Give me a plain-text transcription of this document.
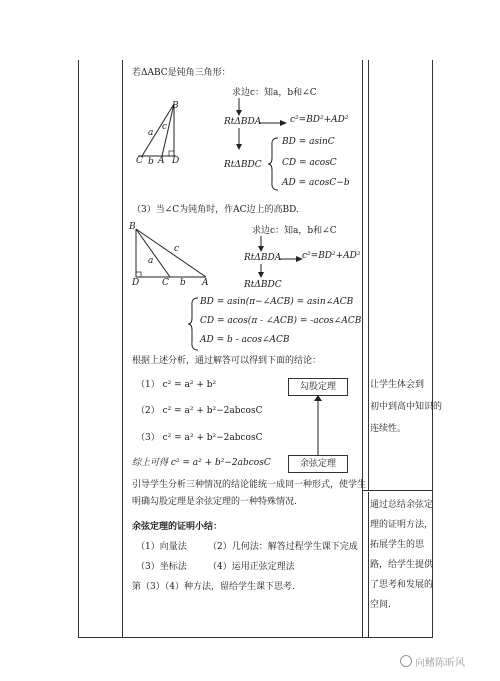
若ΔABC是钝角三角形：
B
a
c
C b A D
求边c：知a，b和∠C
RtΔBDA	c²=BD²+AD²
RtΔBDC
BD = asinC
CD = acosC
AD = acosC−b
（3）当∠C为钝角时，作AC边上的高BD.
B
c
a
D	C b A
求边c：知a，b和∠C
RtΔBDA c²=BD²+AD²
RtΔBDC
BD = asin(π−∠ACB) = asin∠ACB
CD = acos(π - ∠ACB) = -acos∠ACB
AD = b - acos∠ACB
根据上述分析，通过解答可以得到下面的结论：
（1） c² = a² + b²
（2） c² = a² + b²−2abcosC
（3） c² = a² + b²−2abcosC
勾股定理
余弦定理
综上可得 c² = a² + b²−2abcosC
引导学生分析三种情况的结论能统一成同一种形式，使学生
明确勾股定理是余弦定理的一种特殊情况.
余弦定理的证明小结：
（1）向量法 （2）几何法：解答过程学生课下完成
（3）坐标法 （4）运用正弦定理法
第（3）（4）种方法，留给学生课下思考.
让学生体会到
初中到高中知识的
连续性。
通过总结余弦定
理的证明方法，
拓展学生的思
路，给学生提供
了思考和发展的
空间.
向鳍陈昕风
